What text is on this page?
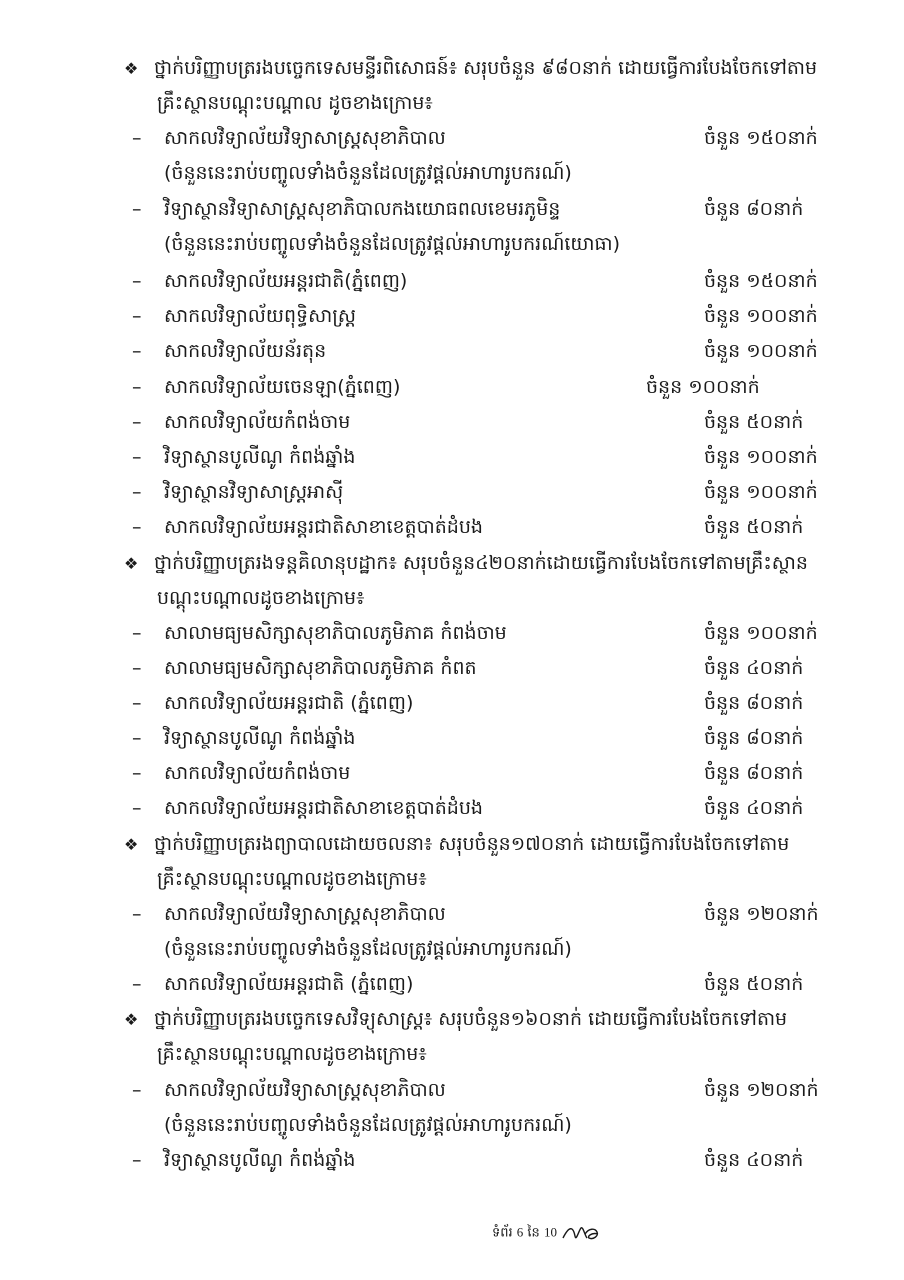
❖ ថ្នាក់បរិញ្ញាបត្ររងបច្ចេកទេសមន្ទីរពិសោធន៍៖ សរុបចំនួន ៩៨០នាក់ ដោយធ្វើការបែងចែកទៅតាម
គ្រឹះស្ថានបណ្តុះបណ្តាល ដូចខាងក្រោម៖
–	សាកលវិទ្យាល័យវិទ្យាសាស្ត្រសុខាភិបាល	ចំនួន ១៥០នាក់
(ចំនួននេះរាប់បញ្ចូលទាំងចំនួនដែលត្រូវផ្តល់អាហារូបករណ៍)
–	វិទ្យាស្ថានវិទ្យាសាស្ត្រសុខាភិបាលកងយោធពលខេមរភូមិន្ទ	ចំនួន ៨០នាក់
(ចំនួននេះរាប់បញ្ចូលទាំងចំនួនដែលត្រូវផ្តល់អាហារូបករណ៍យោធា)
–	សាកលវិទ្យាល័យអន្តរជាតិ(ភ្នំពេញ)	ចំនួន ១៥០នាក់
–	សាកលវិទ្យាល័យពុទ្ធិសាស្ត្រ	ចំនួន ១០០នាក់
–	សាកលវិទ្យាល័យន័រតុន	ចំនួន ១០០នាក់
–	សាកលវិទ្យាល័យចេនឡា(ភ្នំពេញ)	ចំនួន ១០០នាក់
–	សាកលវិទ្យាល័យកំពង់ចាម	ចំនួន ៥០នាក់
–	វិទ្យាស្ថានបូលីណូ កំពង់ឆ្នាំង	ចំនួន ១០០នាក់
–	វិទ្យាស្ថានវិទ្យាសាស្ត្រអាស៊ី	ចំនួន ១០០នាក់
–	សាកលវិទ្យាល័យអន្តរជាតិសាខាខេត្តបាត់ដំបង	ចំនួន ៥០នាក់
❖ ថ្នាក់បរិញ្ញាបត្ររងទន្តគិលានុបដ្ឋាក៖ សរុបចំនួន៤២០នាក់ដោយធ្វើការបែងចែកទៅតាមគ្រឹះស្ថាន
បណ្តុះបណ្តាលដូចខាងក្រោម៖
–	សាលាមធ្យមសិក្សាសុខាភិបាលភូមិភាគ កំពង់ចាម	ចំនួន ១០០នាក់
–	សាលាមធ្យមសិក្សាសុខាភិបាលភូមិភាគ កំពត	ចំនួន ៤០នាក់
–	សាកលវិទ្យាល័យអន្តរជាតិ (ភ្នំពេញ)	ចំនួន ៨០នាក់
–	វិទ្យាស្ថានបូលីណូ កំពង់ឆ្នាំង	ចំនួន ៨០នាក់
–	សាកលវិទ្យាល័យកំពង់ចាម	ចំនួន ៨០នាក់
–	សាកលវិទ្យាល័យអន្តរជាតិសាខាខេត្តបាត់ដំបង	ចំនួន ៤០នាក់
❖ ថ្នាក់បរិញ្ញាបត្ររងព្យាបាលដោយចលនា៖ សរុបចំនួន១៧០នាក់ ដោយធ្វើការបែងចែកទៅតាម
គ្រឹះស្ថានបណ្តុះបណ្តាលដូចខាងក្រោម៖
–	សាកលវិទ្យាល័យវិទ្យាសាស្ត្រសុខាភិបាល	ចំនួន ១២០នាក់
(ចំនួននេះរាប់បញ្ចូលទាំងចំនួនដែលត្រូវផ្តល់អាហារូបករណ៍)
–	សាកលវិទ្យាល័យអន្តរជាតិ (ភ្នំពេញ)	ចំនួន ៥០នាក់
❖ ថ្នាក់បរិញ្ញាបត្ររងបច្ចេកទេសវិទ្យុសាស្ត្រ៖ សរុបចំនួន១៦០នាក់ ដោយធ្វើការបែងចែកទៅតាម
គ្រឹះស្ថានបណ្តុះបណ្តាលដូចខាងក្រោម៖
–	សាកលវិទ្យាល័យវិទ្យាសាស្ត្រសុខាភិបាល	ចំនួន ១២០នាក់
(ចំនួននេះរាប់បញ្ចូលទាំងចំនួនដែលត្រូវផ្តល់អាហារូបករណ៍)
–	វិទ្យាស្ថានបូលីណូ កំពង់ឆ្នាំង	ចំនួន ៤០នាក់
ទំព័រ 6 នៃ 10
